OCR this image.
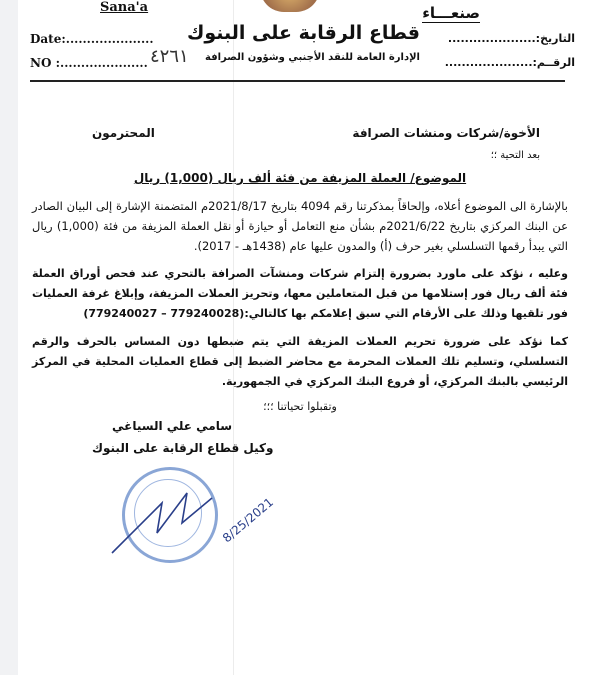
Sana'a	صنعـــاء
قطاع الرقابة على البنوك
الإدارة العامة للنقد الأجنبي وشؤون الصرافة
Date:.....................
NO :.....................
التاريخ:.....................
الرقــم:.....................
٤٢٦١
الأخوة/شركات ومنشات الصرافة
المحترمون
بعد التحية ؛؛
الموضوع/ العملة المزيفة من فئة ألف ريال (1,000) ريال

بالإشارة الى الموضوع أعلاه، وإلحاقاً بمذكرتنا رقم 4094 بتاريخ 2021/8/17م المتضمنة الإشارة إلى البيان الصادر عن البنك المركزي بتاريخ 2021/6/22م بشأن منع التعامل أو حيازة أو نقل العملة المزيفة من فئة (1,000) ريال التي يبدأ رقمها التسلسلي بغير حرف (أ) والمدون عليها عام (1438هـ - 2017).

وعليه ، نؤكد على ماورد بضرورة إلتزام شركات ومنشآت الصرافة بالتحري عند فحص أوراق العملة فئة ألف ريال فور إستلامها من قبل المتعاملين معها، وتحريز العملات المزيفة، وإبلاغ غرفة العمليات فور تلقيها وذلك على الأرقام التي سبق إعلامكم بها كالتالي:(779240028 – 779240027)

كما نؤكد على ضرورة تحريم العملات المزيفة التي يتم ضبطها دون المساس بالحرف والرقم التسلسلي، وتسليم تلك العملات المحرمة مع محاضر الضبط إلى قطاع العمليات المحلية في المركز الرئيسي بالبنك المركزي، أو فروع البنك المركزي في الجمهورية.

وتقبلوا تحياتنا ؛؛؛
سامي علي السياغي
وكيل قطاع الرقابة على البنوك
8/25/2021
